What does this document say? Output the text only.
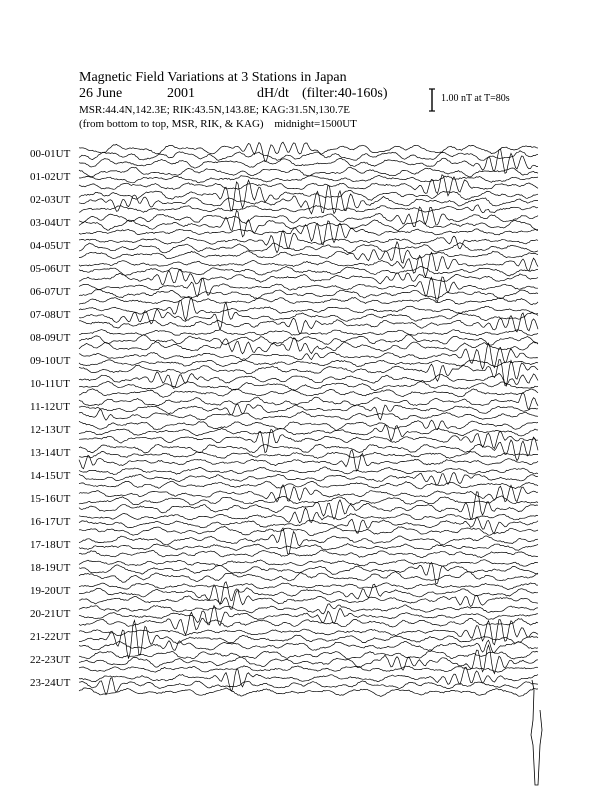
Magnetic Field Variations at 3 Stations in Japan
26 June	2001	dH/dt (filter:40-160s)
MSR:44.4N,142.3E; RIK:43.5N,143.8E; KAG:31.5N,130.7E
(from bottom to top, MSR, RIK, & KAG) midnight=1500UT
1.00 nT at T=80s
00-01UT
01-02UT
02-03UT
03-04UT
04-05UT
05-06UT
06-07UT
07-08UT
08-09UT
09-10UT
10-11UT
11-12UT
12-13UT
13-14UT
14-15UT
15-16UT
16-17UT
17-18UT
18-19UT
19-20UT
20-21UT
21-22UT
22-23UT
23-24UT
